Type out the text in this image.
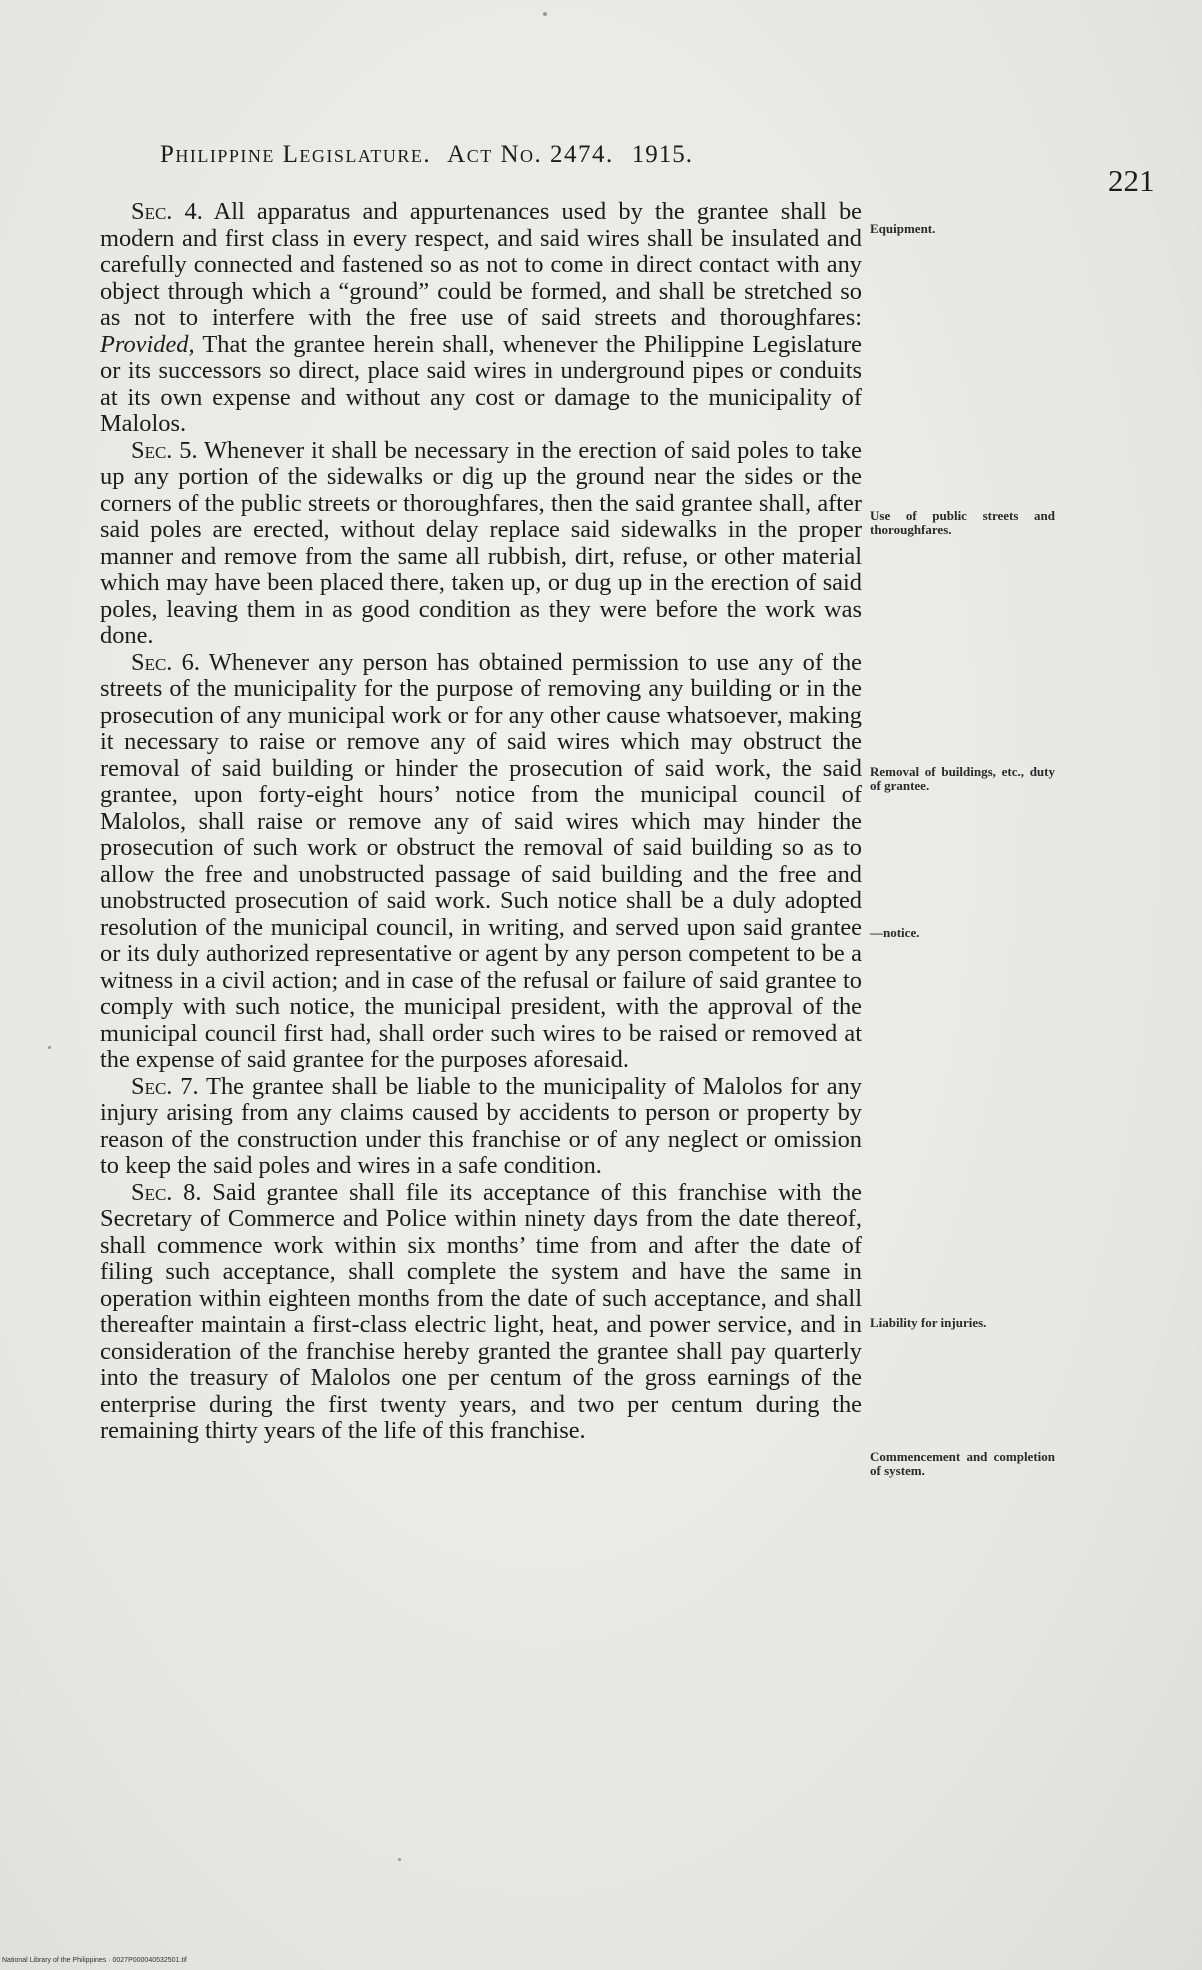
Philippine Legislature. Act No. 2474. 1915.
221

Sec. 4. All apparatus and appurtenances used by the grantee shall be modern and first class in every respect, and said wires shall be insulated and carefully connected and fastened so as not to come in direct contact with any object through which a “ground” could be formed, and shall be stretched so as not to interfere with the free use of said streets and thoroughfares: Provided, That the grantee herein shall, whenever the Philippine Legislature or its successors so direct, place said wires in underground pipes or conduits at its own expense and without any cost or damage to the municipality of Malolos.

Sec. 5. Whenever it shall be necessary in the erection of said poles to take up any portion of the sidewalks or dig up the ground near the sides or the corners of the public streets or thoroughfares, then the said grantee shall, after said poles are erected, without delay replace said sidewalks in the proper manner and remove from the same all rubbish, dirt, refuse, or other material which may have been placed there, taken up, or dug up in the erection of said poles, leaving them in as good condition as they were before the work was done.

Sec. 6. Whenever any person has obtained permission to use any of the streets of the municipality for the purpose of removing any building or in the prosecution of any municipal work or for any other cause whatsoever, making it necessary to raise or remove any of said wires which may obstruct the removal of said building or hinder the prosecution of said work, the said grantee, upon forty-eight hours’ notice from the municipal council of Malolos, shall raise or remove any of said wires which may hinder the prosecution of such work or obstruct the removal of said building so as to allow the free and unobstructed passage of said building and the free and unobstructed prosecution of said work. Such notice shall be a duly adopted resolution of the municipal council, in writing, and served upon said grantee or its duly authorized representative or agent by any person competent to be a witness in a civil action; and in case of the refusal or failure of said grantee to comply with such notice, the municipal president, with the approval of the municipal council first had, shall order such wires to be raised or removed at the expense of said grantee for the purposes aforesaid.

Sec. 7. The grantee shall be liable to the municipality of Malolos for any injury arising from any claims caused by accidents to person or property by reason of the construction under this franchise or of any neglect or omission to keep the said poles and wires in a safe condition.

Sec. 8. Said grantee shall file its acceptance of this franchise with the Secretary of Commerce and Police within ninety days from the date thereof, shall commence work within six months’ time from and after the date of filing such acceptance, shall complete the system and have the same in operation within eighteen months from the date of such acceptance, and shall thereafter maintain a first-class electric light, heat, and power service, and in consideration of the franchise hereby granted the grantee shall pay quarterly into the treasury of Malolos one per centum of the gross earnings of the enterprise during the first twenty years, and two per centum during the remaining thirty years of the life of this franchise.

Equipment.
Use of public streets and thoroughfares.
Removal of buildings, etc., duty of grantee.
—notice.
Liability for injuries.
Commencement and completion of system.
National Library of the Philippines · 0027P000040532501.tif
